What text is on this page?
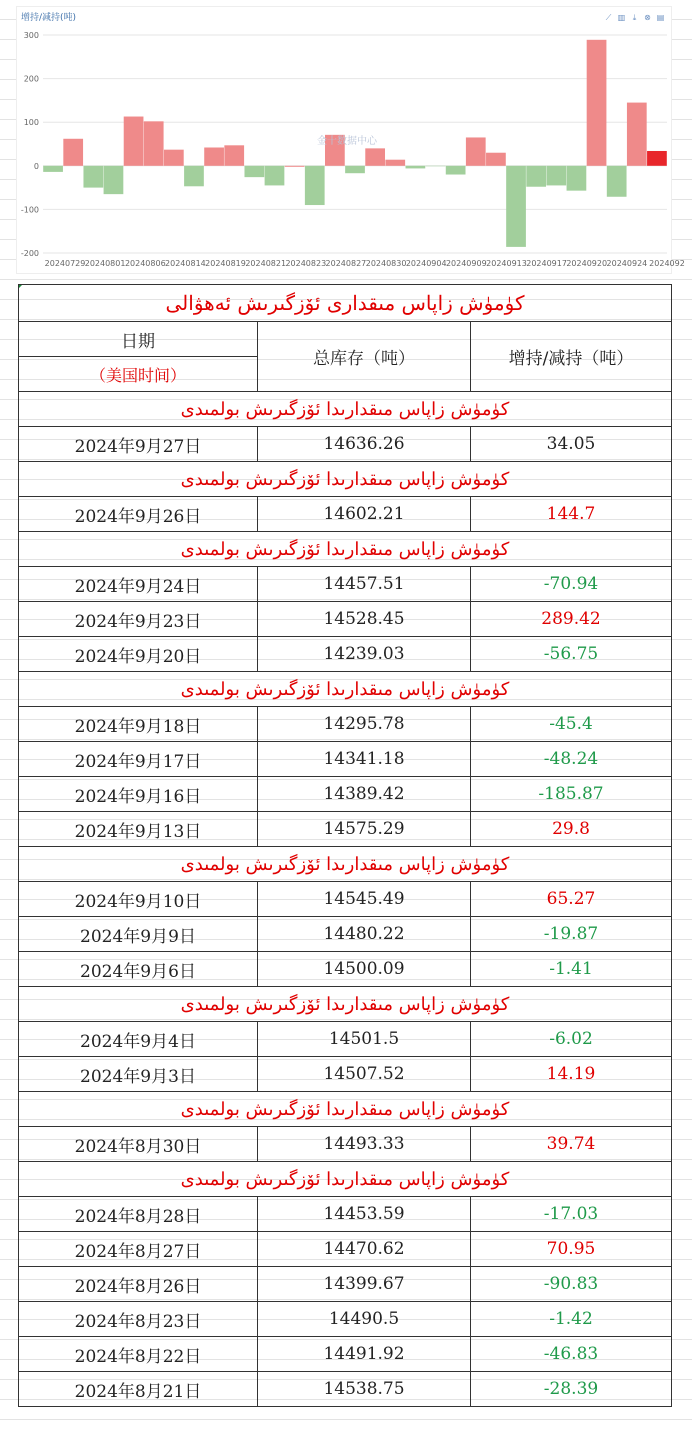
增持/减持(吨)
300
200
100
0
-100
-200
金十数据中心
20240729 20240801 20240806 20240814 20240819 20240821 20240823 20240827 20240830 20240904 20240909 20240913 20240917 20240920 20240924 2024092
⟋ ▥ ⤓ ⊗ ▤
كۈمۈش زاپاس مىقدارى ئۆزگىرىش ئەھۋالى		
日期	总库存（吨）	增持/减持（吨）
（美国时间）		
كۈمۈش زاپاس مىقدارىدا ئۆزگىرىش بولمىدى		
2024年9月27日	14636.26	34.05
كۈمۈش زاپاس مىقدارىدا ئۆزگىرىش بولمىدى		
2024年9月26日	14602.21	144.7
كۈمۈش زاپاس مىقدارىدا ئۆزگىرىش بولمىدى		
2024年9月24日	14457.51	-70.94
2024年9月23日	14528.45	289.42
2024年9月20日	14239.03	-56.75
كۈمۈش زاپاس مىقدارىدا ئۆزگىرىش بولمىدى		
2024年9月18日	14295.78	-45.4
2024年9月17日	14341.18	-48.24
2024年9月16日	14389.42	-185.87
2024年9月13日	14575.29	29.8
كۈمۈش زاپاس مىقدارىدا ئۆزگىرىش بولمىدى		
2024年9月10日	14545.49	65.27
2024年9月9日	14480.22	-19.87
2024年9月6日	14500.09	-1.41
كۈمۈش زاپاس مىقدارىدا ئۆزگىرىش بولمىدى		
2024年9月4日	14501.5	-6.02
2024年9月3日	14507.52	14.19
كۈمۈش زاپاس مىقدارىدا ئۆزگىرىش بولمىدى		
2024年8月30日	14493.33	39.74
كۈمۈش زاپاس مىقدارىدا ئۆزگىرىش بولمىدى		
2024年8月28日	14453.59	-17.03
2024年8月27日	14470.62	70.95
2024年8月26日	14399.67	-90.83
2024年8月23日	14490.5	-1.42
2024年8月22日	14491.92	-46.83
2024年8月21日	14538.75	-28.39
